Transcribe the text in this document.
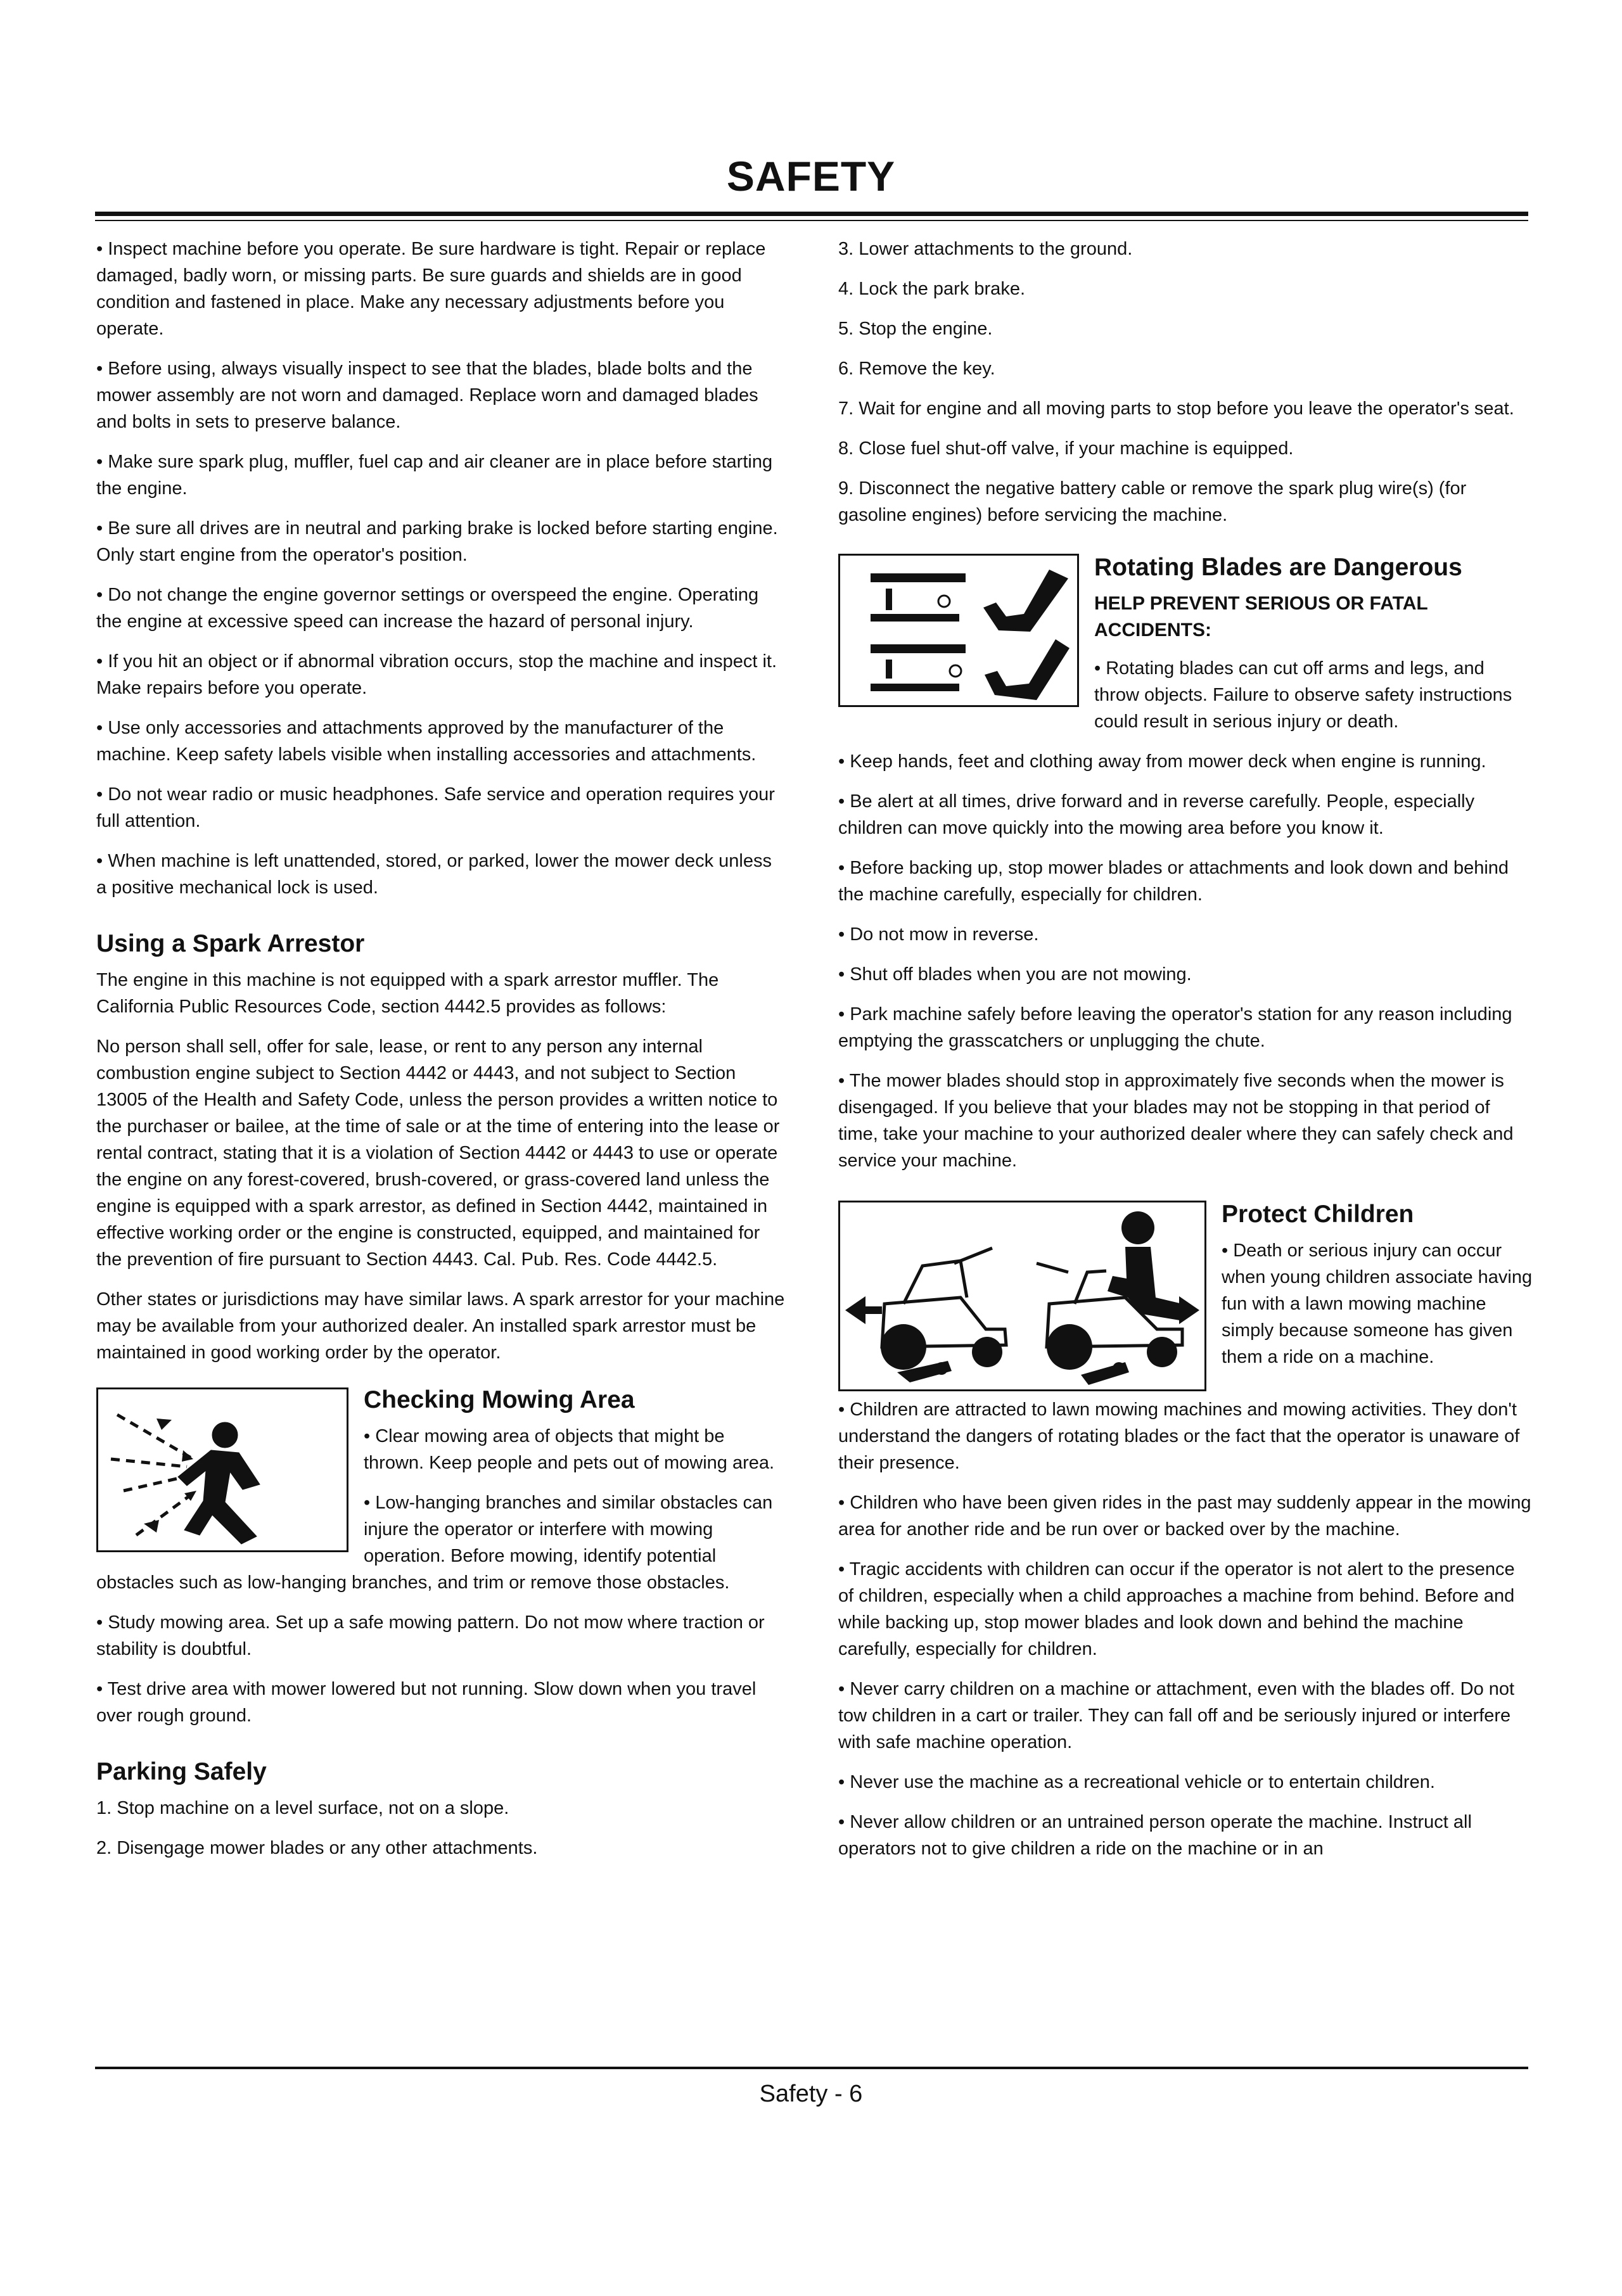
SAFETY

• Inspect machine before you operate. Be sure hardware is tight. Repair or replace damaged, badly worn, or missing parts. Be sure guards and shields are in good condition and fastened in place. Make any necessary adjustments before you operate.

• Before using, always visually inspect to see that the blades, blade bolts and the mower assembly are not worn and damaged. Replace worn and damaged blades and bolts in sets to preserve balance.

• Make sure spark plug, muffler, fuel cap and air cleaner are in place before starting the engine.

• Be sure all drives are in neutral and parking brake is locked before starting engine. Only start engine from the operator's position.

• Do not change the engine governor settings or overspeed the engine. Operating the engine at excessive speed can increase the hazard of personal injury.

• If you hit an object or if abnormal vibration occurs, stop the machine and inspect it. Make repairs before you operate.

• Use only accessories and attachments approved by the manufacturer of the machine. Keep safety labels visible when installing accessories and attachments.

• Do not wear radio or music headphones. Safe service and operation requires your full attention.

• When machine is left unattended, stored, or parked, lower the mower deck unless a positive mechanical lock is used.

Using a Spark Arrestor

The engine in this machine is not equipped with a spark arrestor muffler. The California Public Resources Code, section 4442.5 provides as follows:

No person shall sell, offer for sale, lease, or rent to any person any internal combustion engine subject to Section 4442 or 4443, and not subject to Section 13005 of the Health and Safety Code, unless the person provides a written notice to the purchaser or bailee, at the time of sale or at the time of entering into the lease or rental contract, stating that it is a violation of Section 4442 or 4443 to use or operate the engine on any forest-covered, brush-covered, or grass-covered land unless the engine is equipped with a spark arrestor, as defined in Section 4442, maintained in effective working order or the engine is constructed, equipped, and maintained for the prevention of fire pursuant to Section 4443. Cal. Pub. Res. Code 4442.5.

Other states or jurisdictions may have similar laws. A spark arrestor for your machine may be available from your authorized dealer. An installed spark arrestor must be maintained in good working order by the operator.

Checking Mowing Area

• Clear mowing area of objects that might be thrown. Keep people and pets out of mowing area.

• Low-hanging branches and similar obstacles can injure the operator or interfere with mowing operation. Before mowing, identify potential obstacles such as low-hanging branches, and trim or remove those obstacles.

• Study mowing area. Set up a safe mowing pattern. Do not mow where traction or stability is doubtful.

• Test drive area with mower lowered but not running. Slow down when you travel over rough ground.

Parking Safely

1. Stop machine on a level surface, not on a slope.

2. Disengage mower blades or any other attachments.

3. Lower attachments to the ground.

4. Lock the park brake.

5. Stop the engine.

6. Remove the key.

7. Wait for engine and all moving parts to stop before you leave the operator's seat.

8. Close fuel shut-off valve, if your machine is equipped.

9. Disconnect the negative battery cable or remove the spark plug wire(s) (for gasoline engines) before servicing the machine.

Rotating Blades are Dangerous
HELP PREVENT SERIOUS OR FATAL ACCIDENTS:

• Rotating blades can cut off arms and legs, and throw objects. Failure to observe safety instructions could result in serious injury or death.

• Keep hands, feet and clothing away from mower deck when engine is running.

• Be alert at all times, drive forward and in reverse carefully. People, especially children can move quickly into the mowing area before you know it.

• Before backing up, stop mower blades or attachments and look down and behind the machine carefully, especially for children.

• Do not mow in reverse.

• Shut off blades when you are not mowing.

• Park machine safely before leaving the operator's station for any reason including emptying the grasscatchers or unplugging the chute.

• The mower blades should stop in approximately five seconds when the mower is disengaged. If you believe that your blades may not be stopping in that period of time, take your machine to your authorized dealer where they can safely check and service your machine.

Protect Children

• Death or serious injury can occur when young children associate having fun with a lawn mowing machine simply because someone has given them a ride on a machine.

• Children are attracted to lawn mowing machines and mowing activities. They don't understand the dangers of rotating blades or the fact that the operator is unaware of their presence.

• Children who have been given rides in the past may suddenly appear in the mowing area for another ride and be run over or backed over by the machine.

• Tragic accidents with children can occur if the operator is not alert to the presence of children, especially when a child approaches a machine from behind. Before and while backing up, stop mower blades and look down and behind the machine carefully, especially for children.

• Never carry children on a machine or attachment, even with the blades off. Do not tow children in a cart or trailer. They can fall off and be seriously injured or interfere with safe machine operation.

• Never use the machine as a recreational vehicle or to entertain children.

• Never allow children or an untrained person operate the machine. Instruct all operators not to give children a ride on the machine or in an

Safety - 6
